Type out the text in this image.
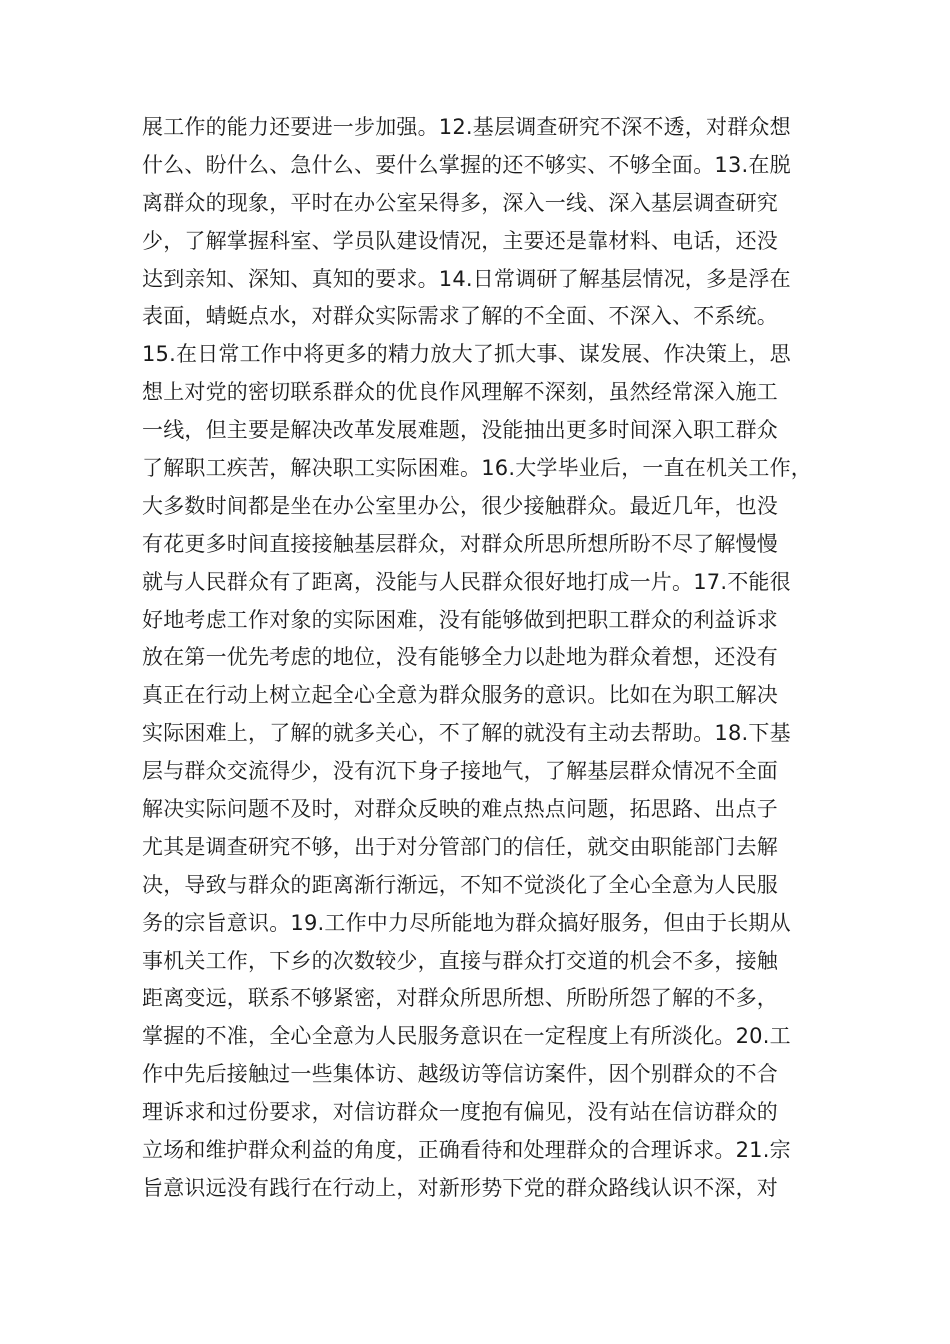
展工作的能力还要进一步加强。12.基层调查研究不深不透，对群众想
什么、盼什么、急什么、要什么掌握的还不够实、不够全面。13.在脱
离群众的现象，平时在办公室呆得多，深入一线、深入基层调查研究
少，了解掌握科室、学员队建设情况，主要还是靠材料、电话，还没
达到亲知、深知、真知的要求。14.日常调研了解基层情况，多是浮在
表面，蜻蜓点水，对群众实际需求了解的不全面、不深入、不系统。
15.在日常工作中将更多的精力放大了抓大事、谋发展、作决策上，思
想上对党的密切联系群众的优良作风理解不深刻，虽然经常深入施工
一线，但主要是解决改革发展难题，没能抽出更多时间深入职工群众
了解职工疾苦，解决职工实际困难。16.大学毕业后，一直在机关工作，
大多数时间都是坐在办公室里办公，很少接触群众。最近几年，也没
有花更多时间直接接触基层群众，对群众所思所想所盼不尽了解慢慢
就与人民群众有了距离，没能与人民群众很好地打成一片。17.不能很
好地考虑工作对象的实际困难，没有能够做到把职工群众的利益诉求
放在第一优先考虑的地位，没有能够全力以赴地为群众着想，还没有
真正在行动上树立起全心全意为群众服务的意识。比如在为职工解决
实际困难上，了解的就多关心，不了解的就没有主动去帮助。18.下基
层与群众交流得少，没有沉下身子接地气，了解基层群众情况不全面
解决实际问题不及时，对群众反映的难点热点问题，拓思路、出点子
尤其是调查研究不够，出于对分管部门的信任，就交由职能部门去解
决，导致与群众的距离渐行渐远，不知不觉淡化了全心全意为人民服
务的宗旨意识。19.工作中力尽所能地为群众搞好服务，但由于长期从
事机关工作，下乡的次数较少，直接与群众打交道的机会不多，接触
距离变远，联系不够紧密，对群众所思所想、所盼所怨了解的不多，
掌握的不准，全心全意为人民服务意识在一定程度上有所淡化。20.工
作中先后接触过一些集体访、越级访等信访案件，因个别群众的不合
理诉求和过份要求，对信访群众一度抱有偏见，没有站在信访群众的
立场和维护群众利益的角度，正确看待和处理群众的合理诉求。21.宗
旨意识远没有践行在行动上，对新形势下党的群众路线认识不深，对
